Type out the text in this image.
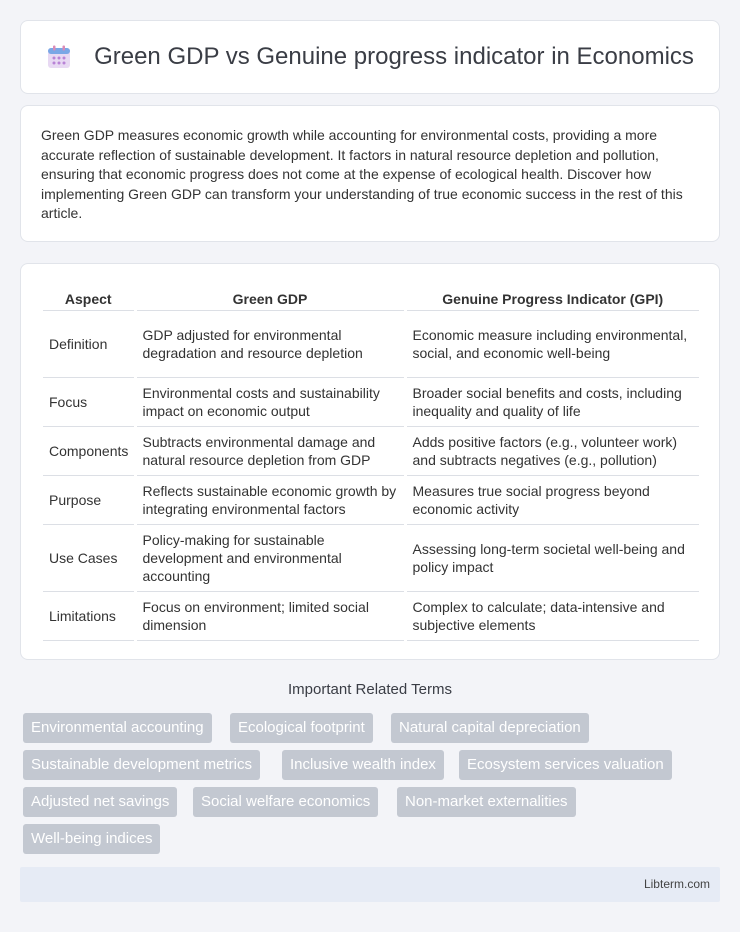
Green GDP vs Genuine progress indicator in Economics

Green GDP measures economic growth while accounting for environmental costs, providing a more accurate reflection of sustainable development. It factors in natural resource depletion and pollution, ensuring that economic progress does not come at the expense of ecological health. Discover how implementing Green GDP can transform your understanding of true economic success in the rest of this article.

Aspect	Green GDP	Genuine Progress Indicator (GPI)
Definition	GDP adjusted for environmental degradation and resource depletion	Economic measure including environmental, social, and economic well-being
Focus	Environmental costs and sustainability impact on economic output	Broader social benefits and costs, including inequality and quality of life
Components	Subtracts environmental damage and natural resource depletion from GDP	Adds positive factors (e.g., volunteer work) and subtracts negatives (e.g., pollution)
Purpose	Reflects sustainable economic growth by integrating environmental factors	Measures true social progress beyond economic activity
Use Cases	Policy-making for sustainable development and environmental accounting	Assessing long-term societal well-being and policy impact
Limitations	Focus on environment; limited social dimension	Complex to calculate; data-intensive and subjective elements
Important Related Terms
Environmental accounting	Ecological footprint	Natural capital depreciation
Sustainable development metrics	Inclusive wealth index	Ecosystem services valuation
Adjusted net savings	Social welfare economics	Non-market externalities
Well-being indices
Libterm.com
